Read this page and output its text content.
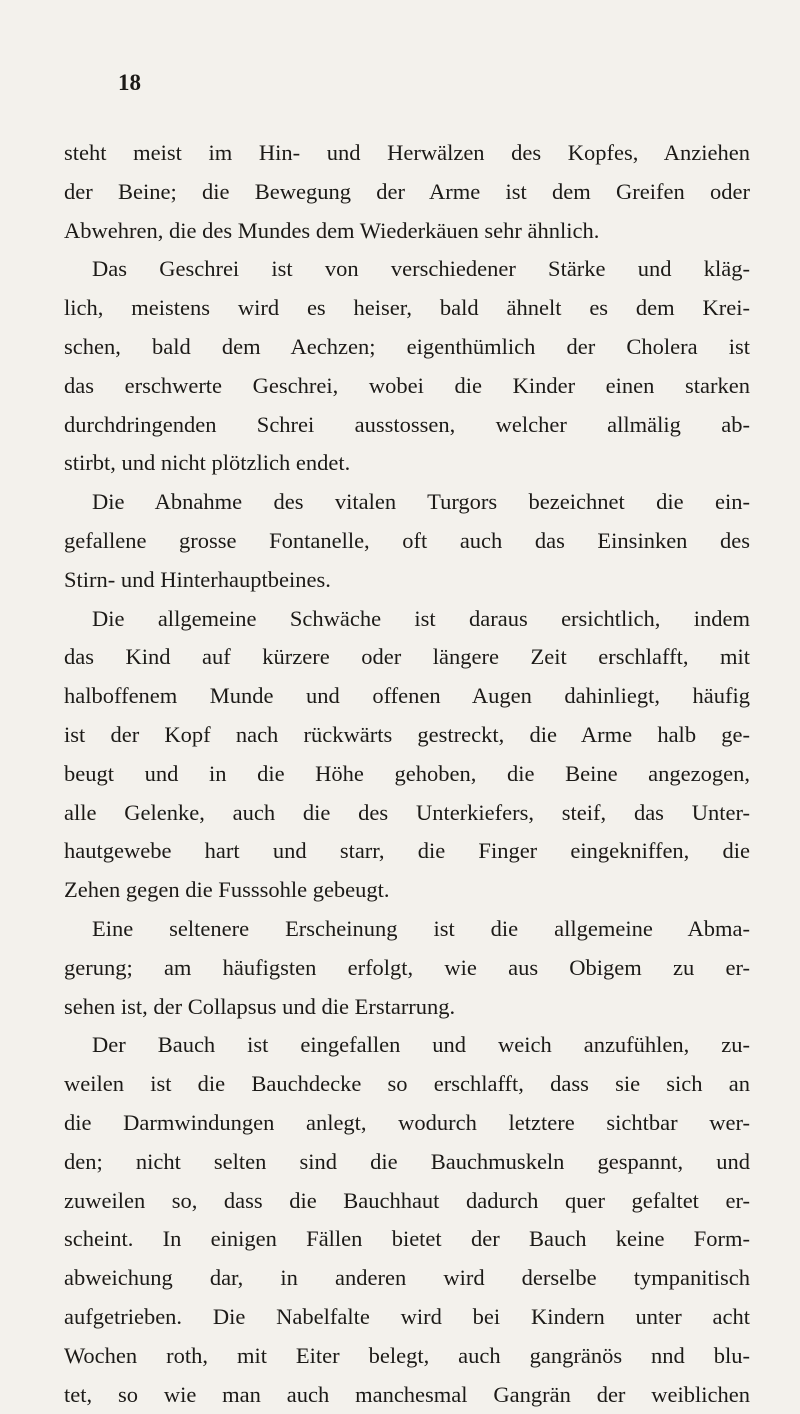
18
steht meist im Hin- und Herwälzen des Kopfes, Anziehen
der Beine; die Bewegung der Arme ist dem Greifen oder
Abwehren, die des Mundes dem Wiederkäuen sehr ähnlich.
Das Geschrei ist von verschiedener Stärke und kläg-
lich, meistens wird es heiser, bald ähnelt es dem Krei-
schen, bald dem Aechzen; eigenthümlich der Cholera ist
das erschwerte Geschrei, wobei die Kinder einen starken
durchdringenden Schrei ausstossen, welcher allmälig ab-
stirbt, und nicht plötzlich endet.
Die Abnahme des vitalen Turgors bezeichnet die ein-
gefallene grosse Fontanelle, oft auch das Einsinken des
Stirn- und Hinterhauptbeines.
Die allgemeine Schwäche ist daraus ersichtlich, indem
das Kind auf kürzere oder längere Zeit erschlafft, mit
halboffenem Munde und offenen Augen dahinliegt, häufig
ist der Kopf nach rückwärts gestreckt, die Arme halb ge-
beugt und in die Höhe gehoben, die Beine angezogen,
alle Gelenke, auch die des Unterkiefers, steif, das Unter-
hautgewebe hart und starr, die Finger eingekniffen, die
Zehen gegen die Fusssohle gebeugt.
Eine seltenere Erscheinung ist die allgemeine Abma-
gerung; am häufigsten erfolgt, wie aus Obigem zu er-
sehen ist, der Collapsus und die Erstarrung.
Der Bauch ist eingefallen und weich anzufühlen, zu-
weilen ist die Bauchdecke so erschlafft, dass sie sich an
die Darmwindungen anlegt, wodurch letztere sichtbar wer-
den; nicht selten sind die Bauchmuskeln gespannt, und
zuweilen so, dass die Bauchhaut dadurch quer gefaltet er-
scheint. In einigen Fällen bietet der Bauch keine Form-
abweichung dar, in anderen wird derselbe tympanitisch
aufgetrieben. Die Nabelfalte wird bei Kindern unter acht
Wochen roth, mit Eiter belegt, auch gangränös nnd blu-
tet, so wie man auch manchesmal Gangrän der weiblichen
